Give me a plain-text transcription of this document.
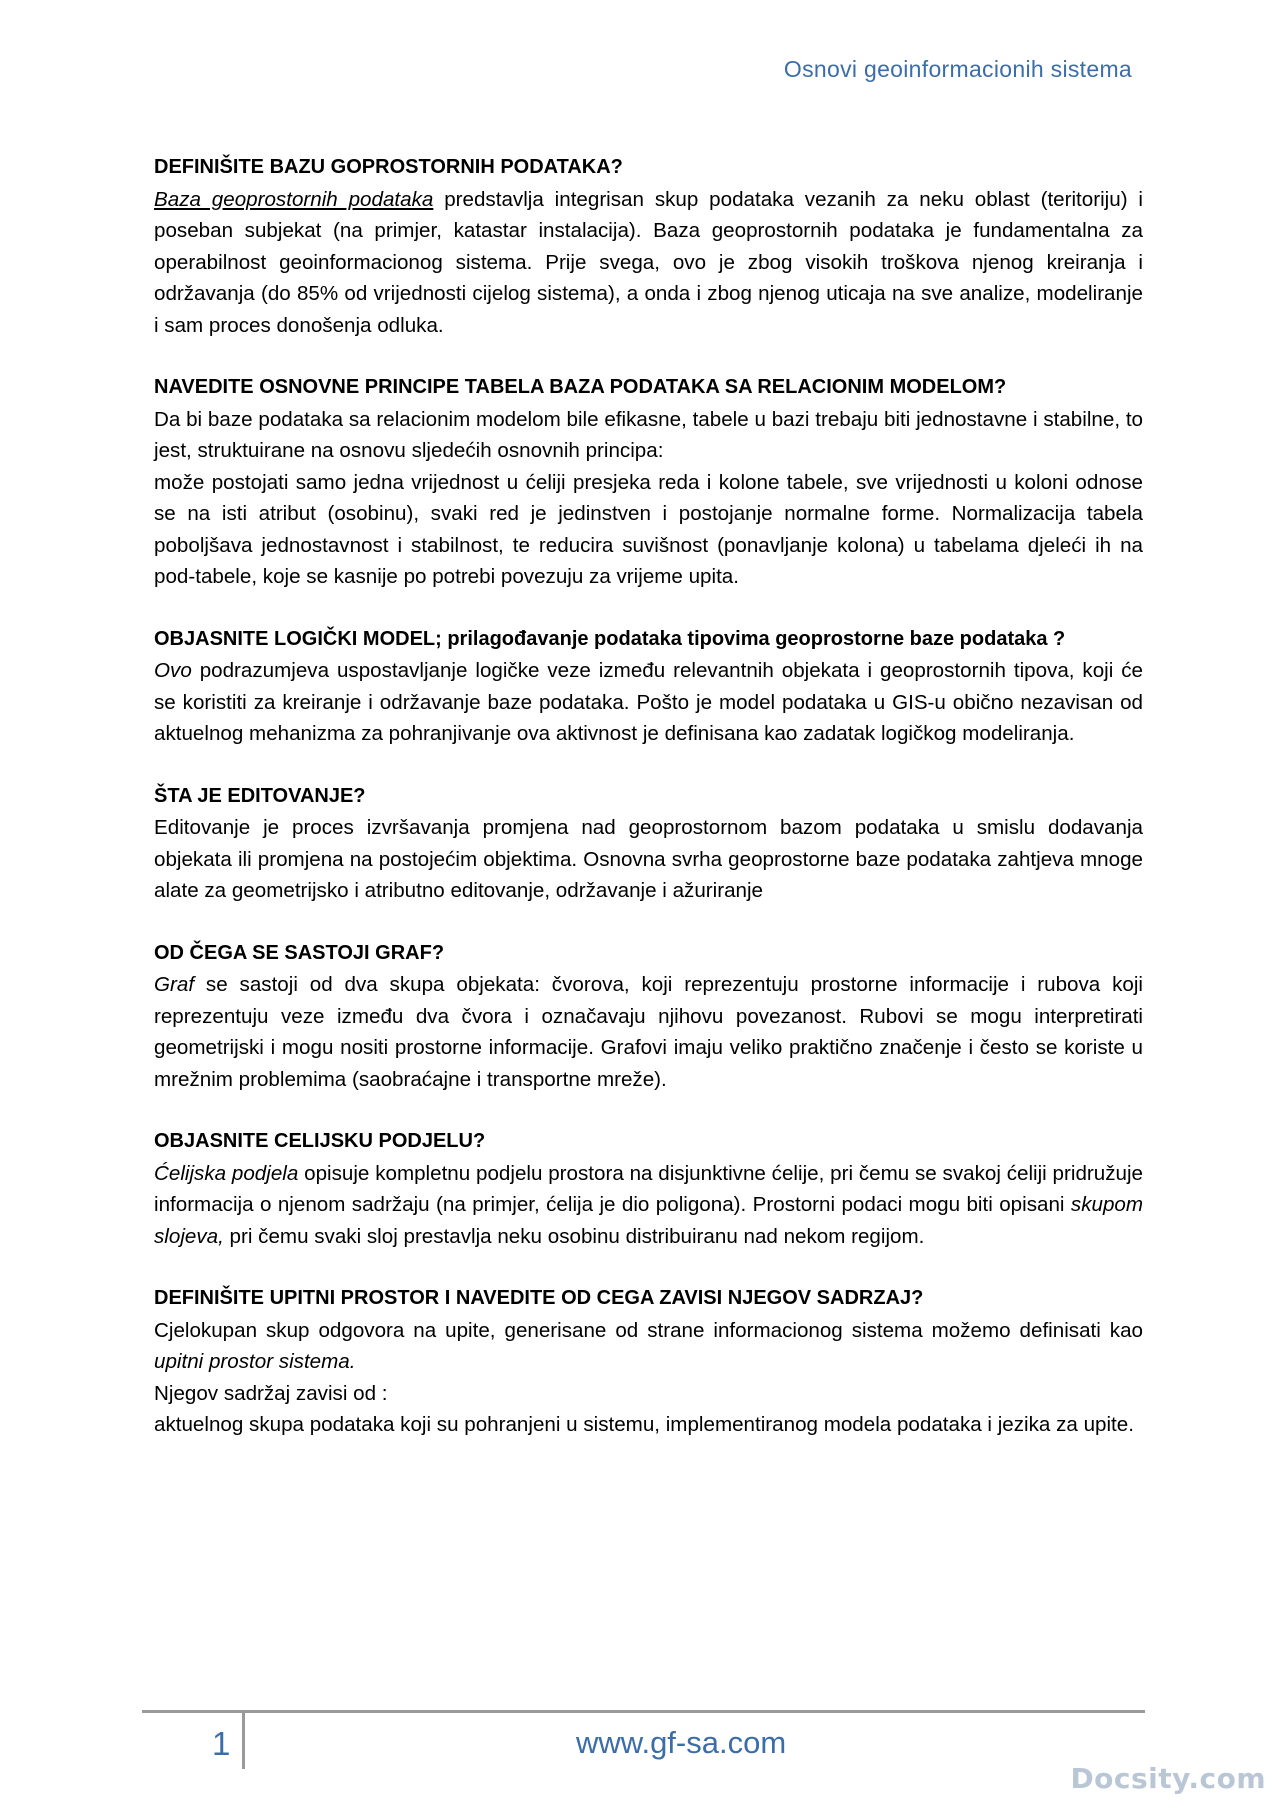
Osnovi geoinformacionih sistema

DEFINIŠITE BAZU GOPROSTORNIH PODATAKA?

Baza geoprostornih podataka predstavlja integrisan skup podataka vezanih za neku oblast (teritoriju) i poseban subjekat (na primjer, katastar instalacija). Baza geoprostornih podataka je fundamentalna za operabilnost geoinformacionog sistema. Prije svega, ovo je zbog visokih troškova njenog kreiranja i održavanja (do 85% od vrijednosti cijelog sistema), a onda i zbog njenog uticaja na sve analize, modeliranje i sam proces donošenja odluka.

NAVEDITE OSNOVNE PRINCIPE TABELA BAZA PODATAKA SA RELACIONIM MODELOM?

Da bi baze podataka sa relacionim modelom bile efikasne, tabele u bazi trebaju biti jednostavne i stabilne, to jest, struktuirane na osnovu sljedećih osnovnih principa:

može postojati samo jedna vrijednost u ćeliji presjeka reda i kolone tabele, sve vrijednosti u koloni odnose se na isti atribut (osobinu), svaki red je jedinstven i postojanje normalne forme. Normalizacija tabela poboljšava jednostavnost i stabilnost, te reducira suvišnost (ponavljanje kolona) u tabelama djeleći ih na pod-tabele, koje se kasnije po potrebi povezuju za vrijeme upita.

OBJASNITE LOGIČKI MODEL; prilagođavanje podataka tipovima geoprostorne baze podataka ?

Ovo podrazumjeva uspostavljanje logičke veze između relevantnih objekata i geoprostornih tipova, koji će se koristiti za kreiranje i održavanje baze podataka. Pošto je model podataka u GIS-u obično nezavisan od aktuelnog mehanizma za pohranjivanje ova aktivnost je definisana kao zadatak logičkog modeliranja.

ŠTA JE EDITOVANJE?

Editovanje je proces izvršavanja promjena nad geoprostornom bazom podataka u smislu dodavanja objekata ili promjena na postojećim objektima. Osnovna svrha geoprostorne baze podataka zahtjeva mnoge alate za geometrijsko i atributno editovanje, održavanje i ažuriranje

OD ČEGA SE SASTOJI GRAF?

Graf se sastoji od dva skupa objekata: čvorova, koji reprezentuju prostorne informacije i rubova koji reprezentuju veze između dva čvora i označavaju njihovu povezanost. Rubovi se mogu interpretirati geometrijski i mogu nositi prostorne informacije. Grafovi imaju veliko praktično značenje i često se koriste u mrežnim problemima (saobraćajne i transportne mreže).

OBJASNITE CELIJSKU PODJELU?

Ćelijska podjela opisuje kompletnu podjelu prostora na disjunktivne ćelije, pri čemu se svakoj ćeliji pridružuje informacija o njenom sadržaju (na primjer, ćelija je dio poligona). Prostorni podaci mogu biti opisani skupom slojeva, pri čemu svaki sloj prestavlja neku osobinu distribuiranu nad nekom regijom.

DEFINIŠITE UPITNI PROSTOR I NAVEDITE OD CEGA ZAVISI NJEGOV SADRZAJ?

Cjelokupan skup odgovora na upite, generisane od strane informacionog sistema možemo definisati kao upitni prostor sistema.

Njegov sadržaj zavisi od :

aktuelnog skupa podataka koji su pohranjeni u sistemu, implementiranog modela podataka i jezika za upite.

1	www.gf-sa.com
Docsity.com
